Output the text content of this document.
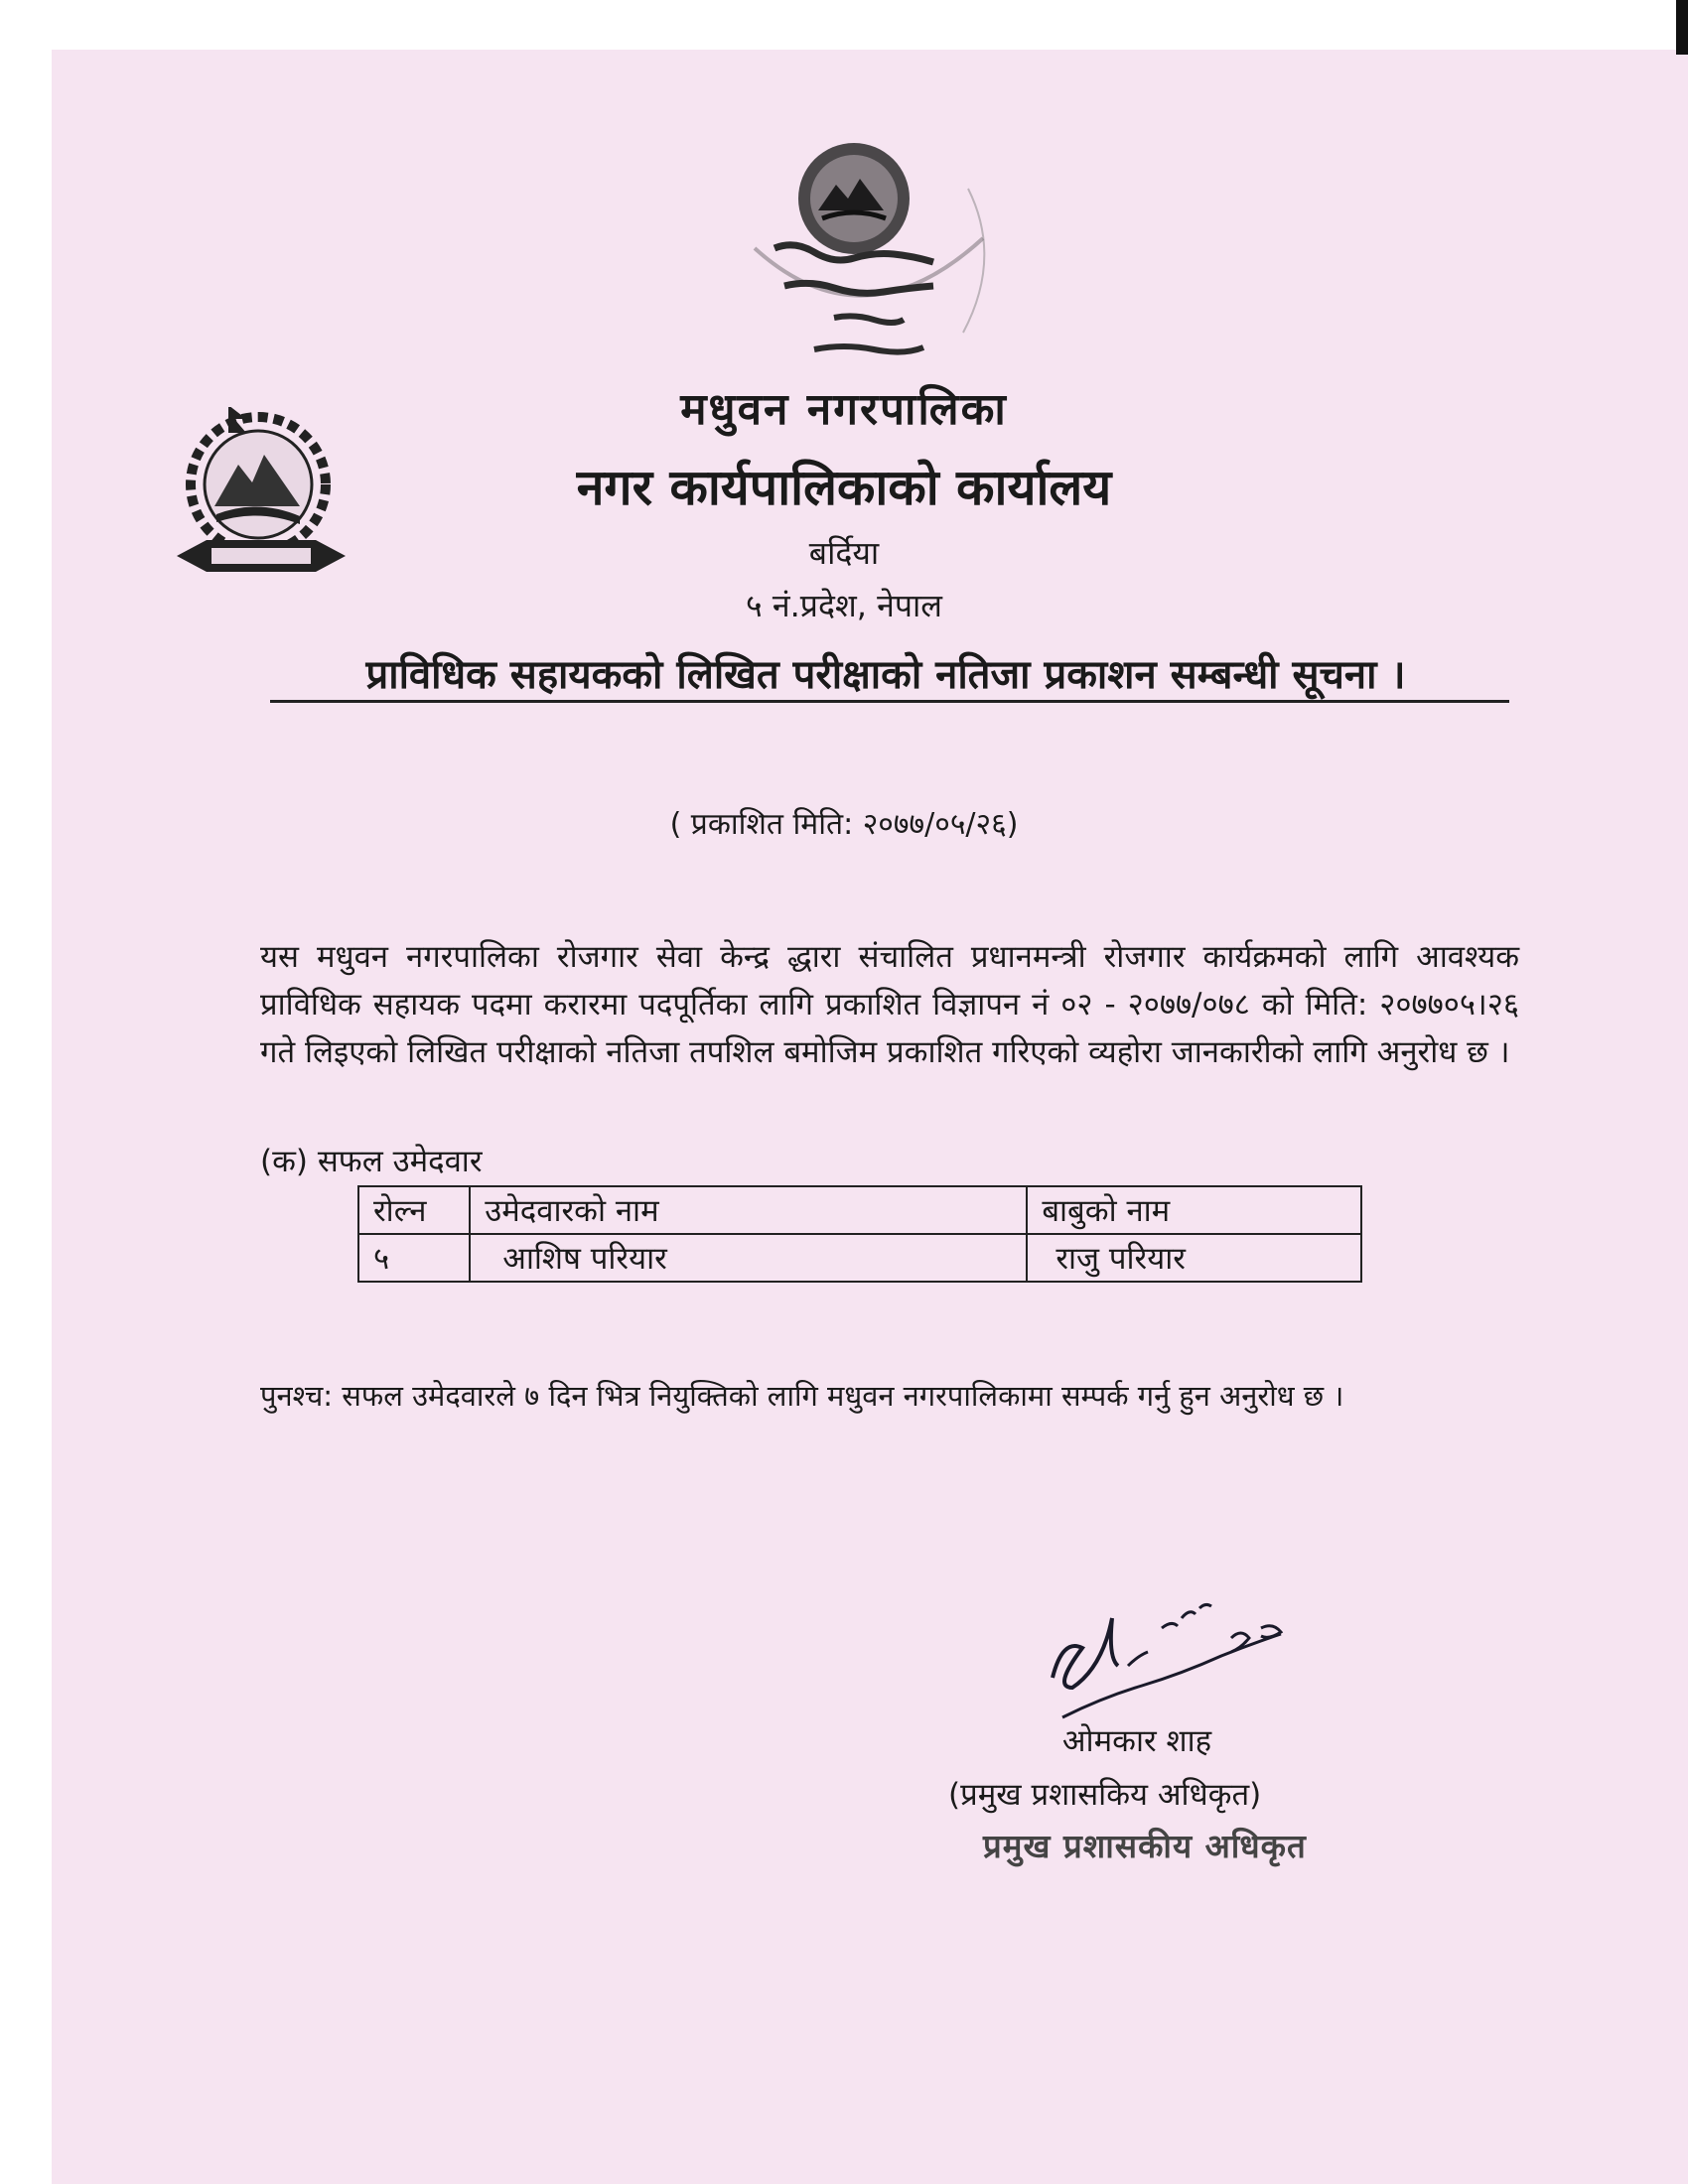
मधुवन नगरपालिका
नगर कार्यपालिकाको कार्यालय
बर्दिया
५ नं.प्रदेश, नेपाल
प्राविधिक सहायकको लिखित परीक्षाको नतिजा प्रकाशन सम्बन्धी सूचना ।
( प्रकाशित मिति: २०७७/०५/२६)

यस मधुवन नगरपालिका रोजगार सेवा केन्द्र द्धारा संचालित प्रधानमन्त्री रोजगार कार्यक्रमको लागि आवश्यक प्राविधिक सहायक पदमा करारमा पदपूर्तिका लागि प्रकाशित विज्ञापन नं ०२ - २०७७/०७८ को मिति: २०७७०५।२६ गते लिइएको लिखित परीक्षाको नतिजा तपशिल बमोजिम प्रकाशित गरिएको व्यहोरा जानकारीको लागि अनुरोध छ ।

(क) सफल उमेदवार
रोल्न	उमेदवारको नाम	बाबुको नाम
५	आशिष परियार	राजु परियार
पुनश्च: सफल उमेदवारले ७ दिन भित्र नियुक्तिको लागि मधुवन नगरपालिकामा सम्पर्क गर्नु हुन अनुरोध छ ।
ओमकार शाह
(प्रमुख प्रशासकिय अधिकृत)
प्रमुख प्रशासकीय अधिकृत
